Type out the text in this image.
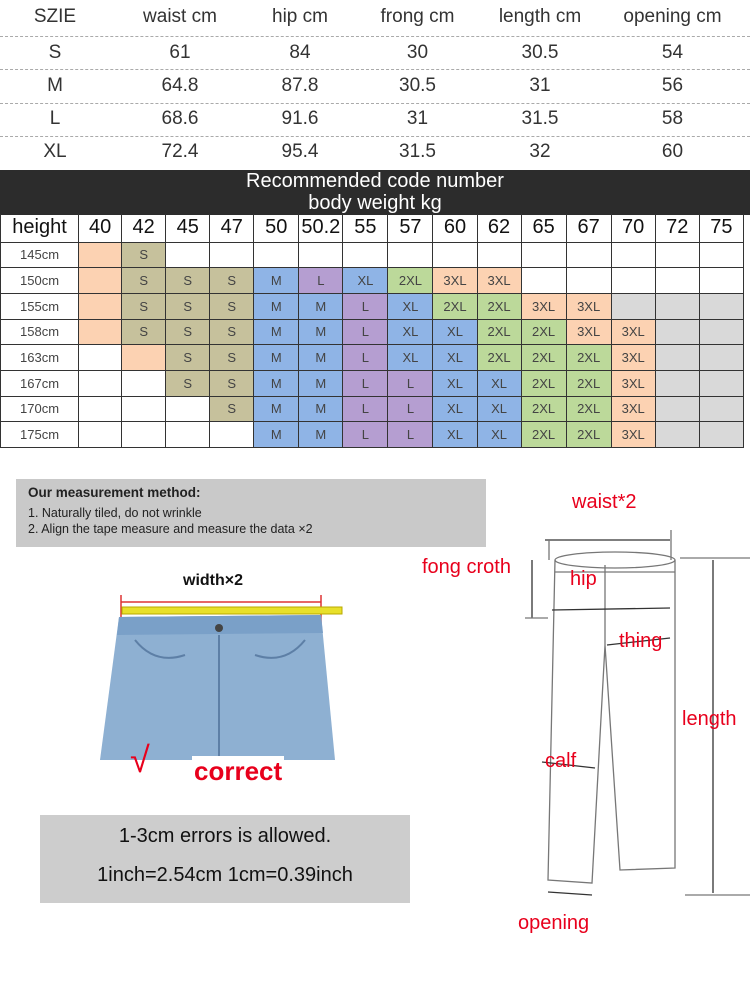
SZIE	waist cm	hip cm	frong cm	length cm	opening cm
S	61	84	30	30.5	54
M	64.8	87.8	30.5	31	56
L	68.6	91.6	31	31.5	58
XL	72.4	95.4	31.5	32	60
Recommended code number
body weight kg
height	40	42	45	47	50	50.2	55	57	60	62	65	67	70	72	75
145cm		S													
150cm		S	S	S	M	L	XL	2XL	3XL	3XL					
155cm		S	S	S	M	M	L	XL	2XL	2XL	3XL	3XL			
158cm		S	S	S	M	M	L	XL	XL	2XL	2XL	3XL	3XL		
163cm			S	S	M	M	L	XL	XL	2XL	2XL	2XL	3XL		
167cm			S	S	M	M	L	L	XL	XL	2XL	2XL	3XL		
170cm				S	M	M	L	L	XL	XL	2XL	2XL	3XL		
175cm					M	M	L	L	XL	XL	2XL	2XL	3XL		
Our measurement method:
1. Naturally tiled, do not wrinkle
2. Align the tape measure and measure the data ×2
width×2
√ correct
1-3cm errors is allowed.
1inch=2.54cm 1cm=0.39inch
waist*2
fong croth
hip
thing
length
calf
opening
